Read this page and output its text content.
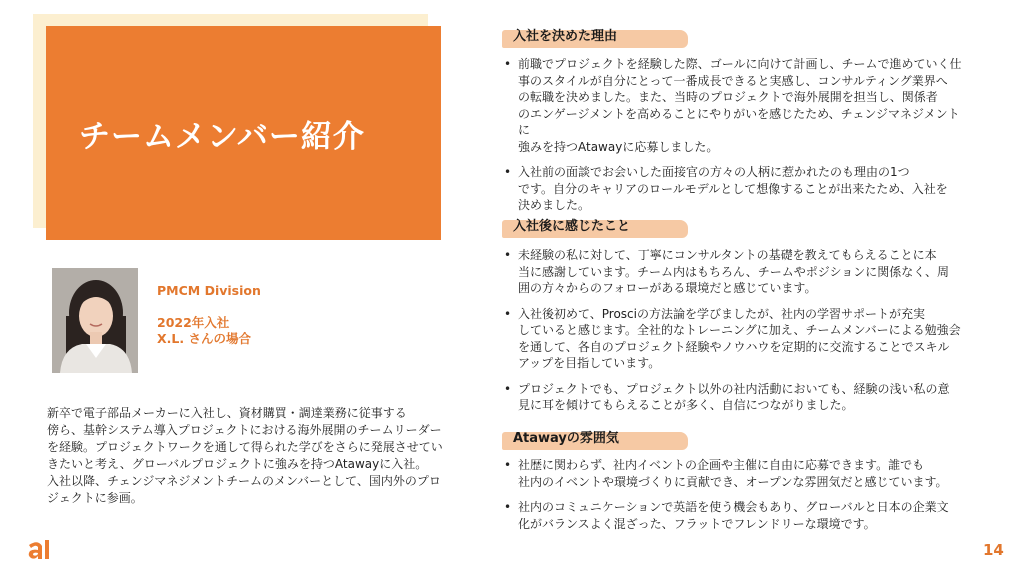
チームメンバー紹介
PMCM Division
2022年入社
X.L. さんの場合

新卒で電子部品メーカーに入社し、資材購買・調達業務に従事する

傍ら、基幹システム導入プロジェクトにおける海外展開のチームリーダー

を経験。プロジェクトワークを通して得られた学びをさらに発展させてい

きたいと考え、グローバルプロジェクトに強みを持つAtawayに入社。

入社以降、チェンジマネジメントチームのメンバーとして、国内外のプロ

ジェクトに参画。

14
入社を決めた理由
• 前職でプロジェクトを経験した際、ゴールに向けて計画し、チームで進めていく仕
事のスタイルが自分にとって一番成長できると実感し、コンサルティング業界へ
の転職を決めました。また、当時のプロジェクトで海外展開を担当し、関係者
のエンゲージメントを高めることにやりがいを感じたため、チェンジマネジメントに
強みを持つAtawayに応募しました。
• 入社前の面談でお会いした面接官の方々の人柄に惹かれたのも理由の1つ
です。自分のキャリアのロールモデルとして想像することが出来たため、入社を
決めました。
入社後に感じたこと
• 未経験の私に対して、丁寧にコンサルタントの基礎を教えてもらえることに本
当に感謝しています。チーム内はもちろん、チームやポジションに関係なく、周
囲の方々からのフォローがある環境だと感じています。
• 入社後初めて、Prosciの方法論を学びましたが、社内の学習サポートが充実
していると感じます。全社的なトレーニングに加え、チームメンバーによる勉強会
を通して、各自のプロジェクト経験やノウハウを定期的に交流することでスキル
アップを目指しています。
• プロジェクトでも、プロジェクト以外の社内活動においても、経験の浅い私の意
見に耳を傾けてもらえることが多く、自信につながりました。
Atawayの雰囲気
• 社歴に関わらず、社内イベントの企画や主催に自由に応募できます。誰でも
社内のイベントや環境づくりに貢献でき、オープンな雰囲気だと感じています。
• 社内のコミュニケーションで英語を使う機会もあり、グローバルと日本の企業文
化がバランスよく混ざった、フラットでフレンドリーな環境です。
